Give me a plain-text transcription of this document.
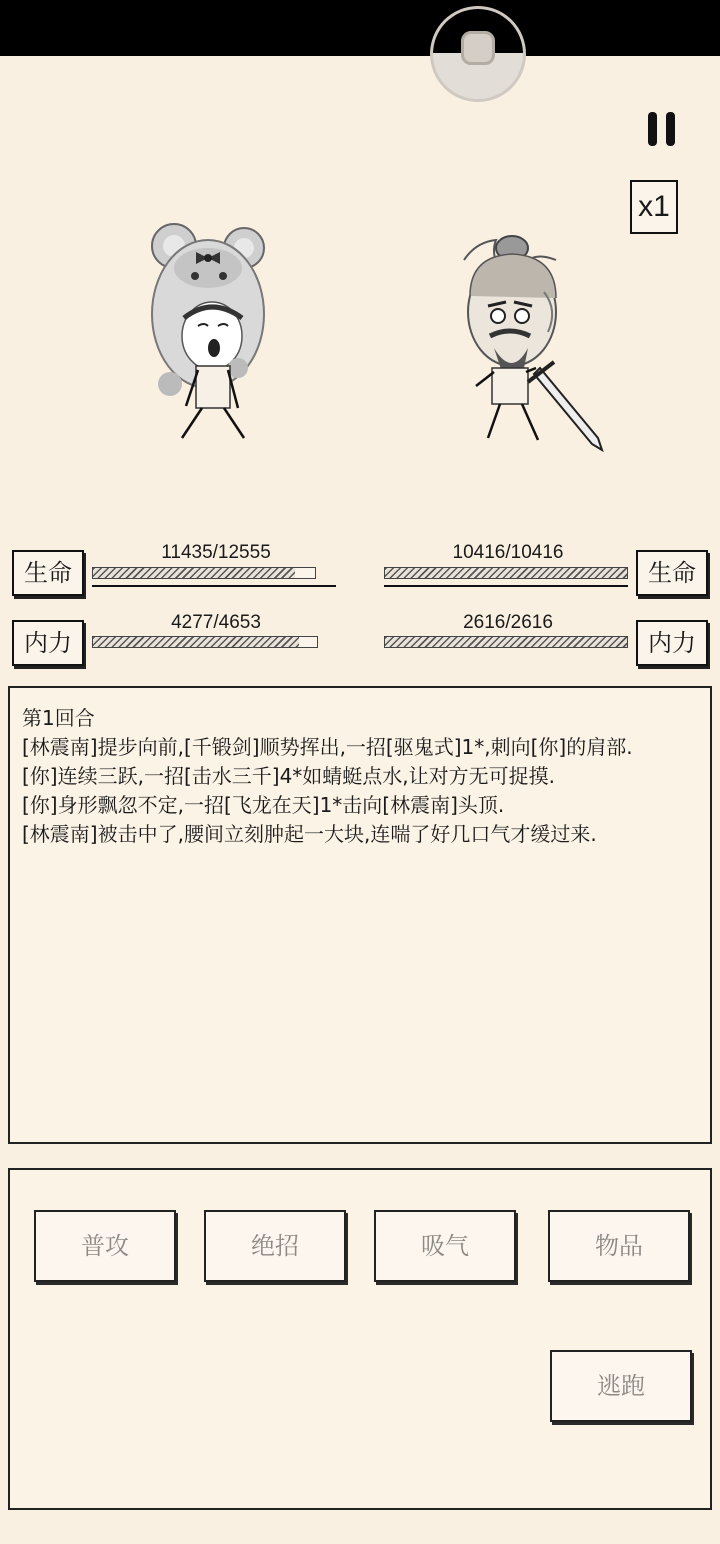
x1
生命
11435/12555
内力
4277/4653
生命
10416/10416
内力
2616/2616
第1回合
[林震南]提步向前,[千锻剑]顺势挥出,一招[驱鬼式]1*,刺向[你]的肩部.
[你]连续三跃,一招[击水三千]4*如蜻蜓点水,让对方无可捉摸.
[你]身形飘忽不定,一招[飞龙在天]1*击向[林震南]头顶.
[林震南]被击中了,腰间立刻肿起一大块,连喘了好几口气才缓过来.
普攻	绝招	吸气	物品
逃跑
